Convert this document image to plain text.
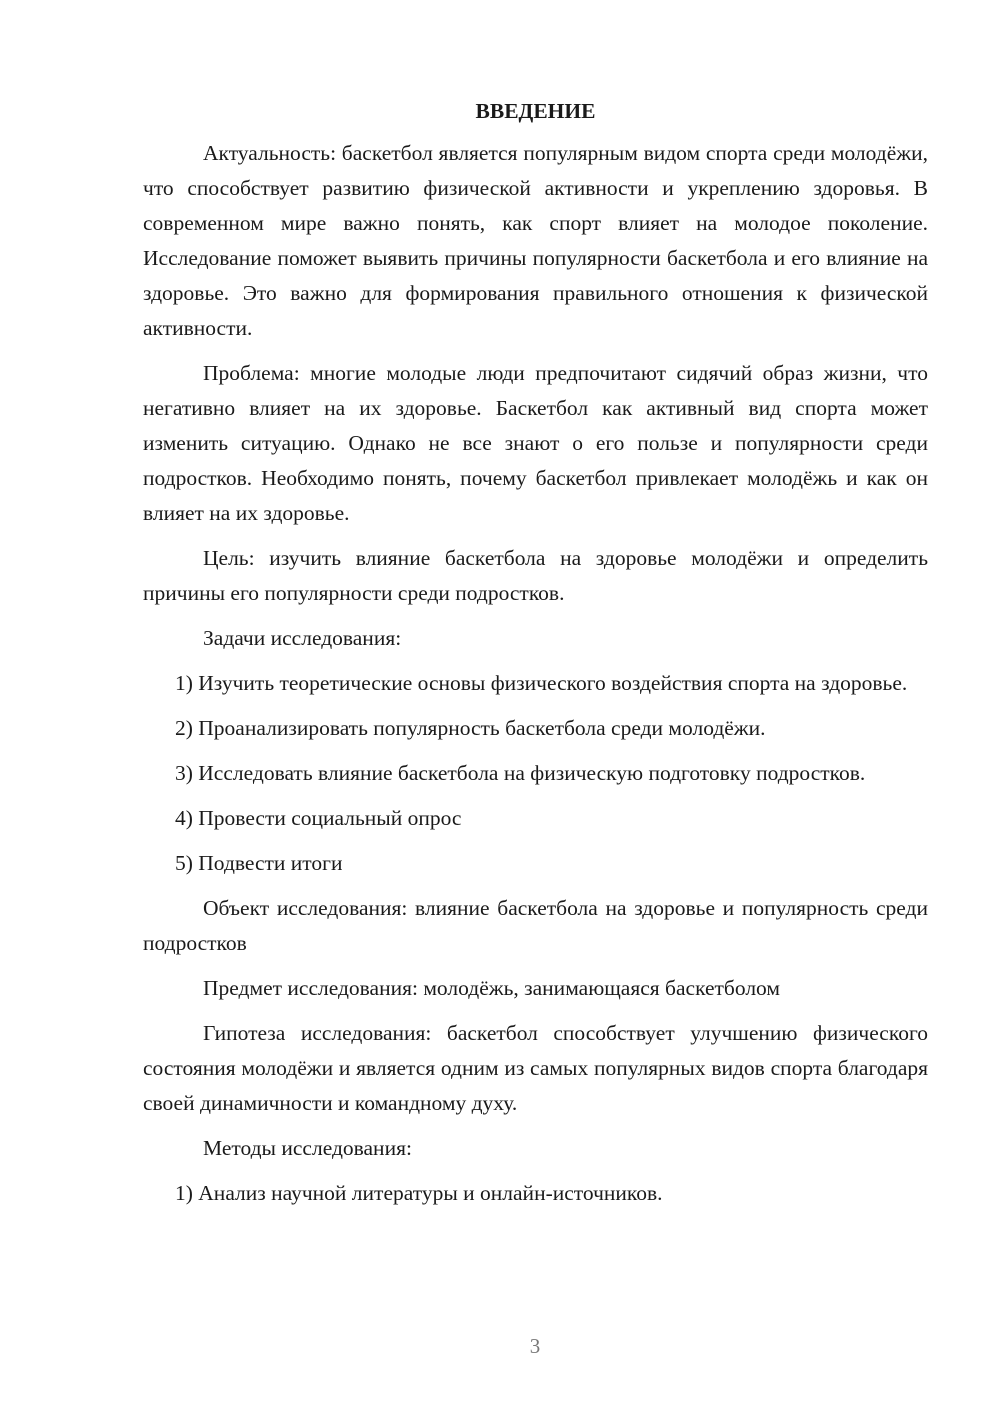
ВВЕДЕНИЕ

Актуальность: баскетбол является популярным видом спорта среди молодёжи, что способствует развитию физической активности и укреплению здоровья. В современном мире важно понять, как спорт влияет на молодое поколение. Исследование поможет выявить причины популярности баскетбола и его влияние на здоровье. Это важно для формирования правильного отношения к физической активности.

Проблема: многие молодые люди предпочитают сидячий образ жизни, что негативно влияет на их здоровье. Баскетбол как активный вид спорта может изменить ситуацию. Однако не все знают о его пользе и популярности среди подростков. Необходимо понять, почему баскетбол привлекает молодёжь и как он влияет на их здоровье.

Цель: изучить влияние баскетбола на здоровье молодёжи и определить причины его популярности среди подростков.

Задачи исследования:

1) Изучить теоретические основы физического воздействия спорта на здоровье.

2) Проанализировать популярность баскетбола среди молодёжи.

3) Исследовать влияние баскетбола на физическую подготовку подростков.

4) Провести социальный опрос

5) Подвести итоги

Объект исследования: влияние баскетбола на здоровье и популярность среди подростков

Предмет исследования: молодёжь, занимающаяся баскетболом

Гипотеза исследования: баскетбол способствует улучшению физического состояния молодёжи и является одним из самых популярных видов спорта благодаря своей динамичности и командному духу.

Методы исследования:

1) Анализ научной литературы и онлайн-источников.

3
